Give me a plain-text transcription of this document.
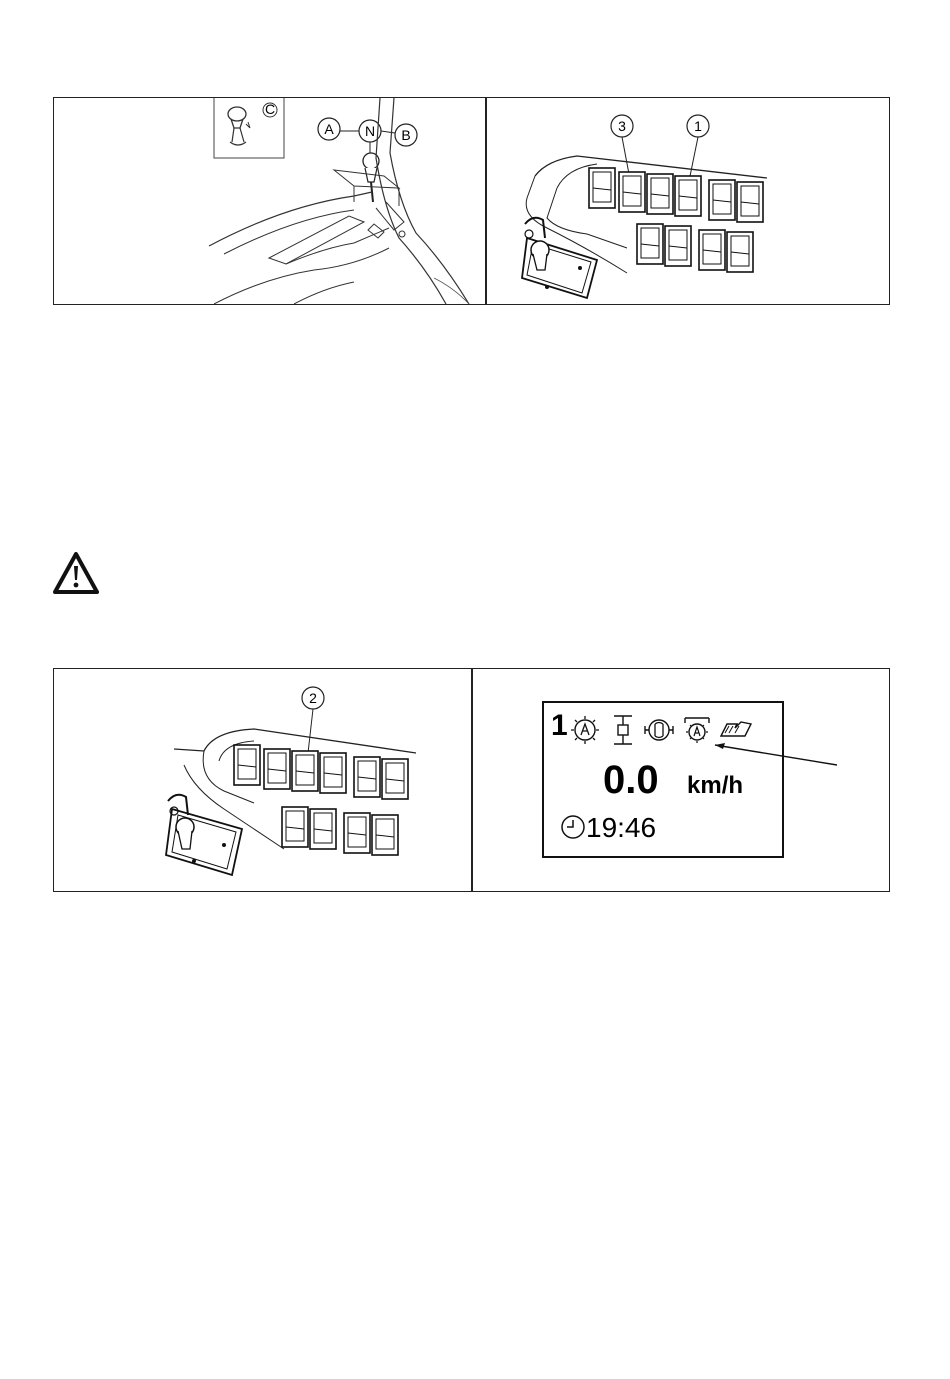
C
A N B
3	1
2
1
0.0 km/h
19:46
